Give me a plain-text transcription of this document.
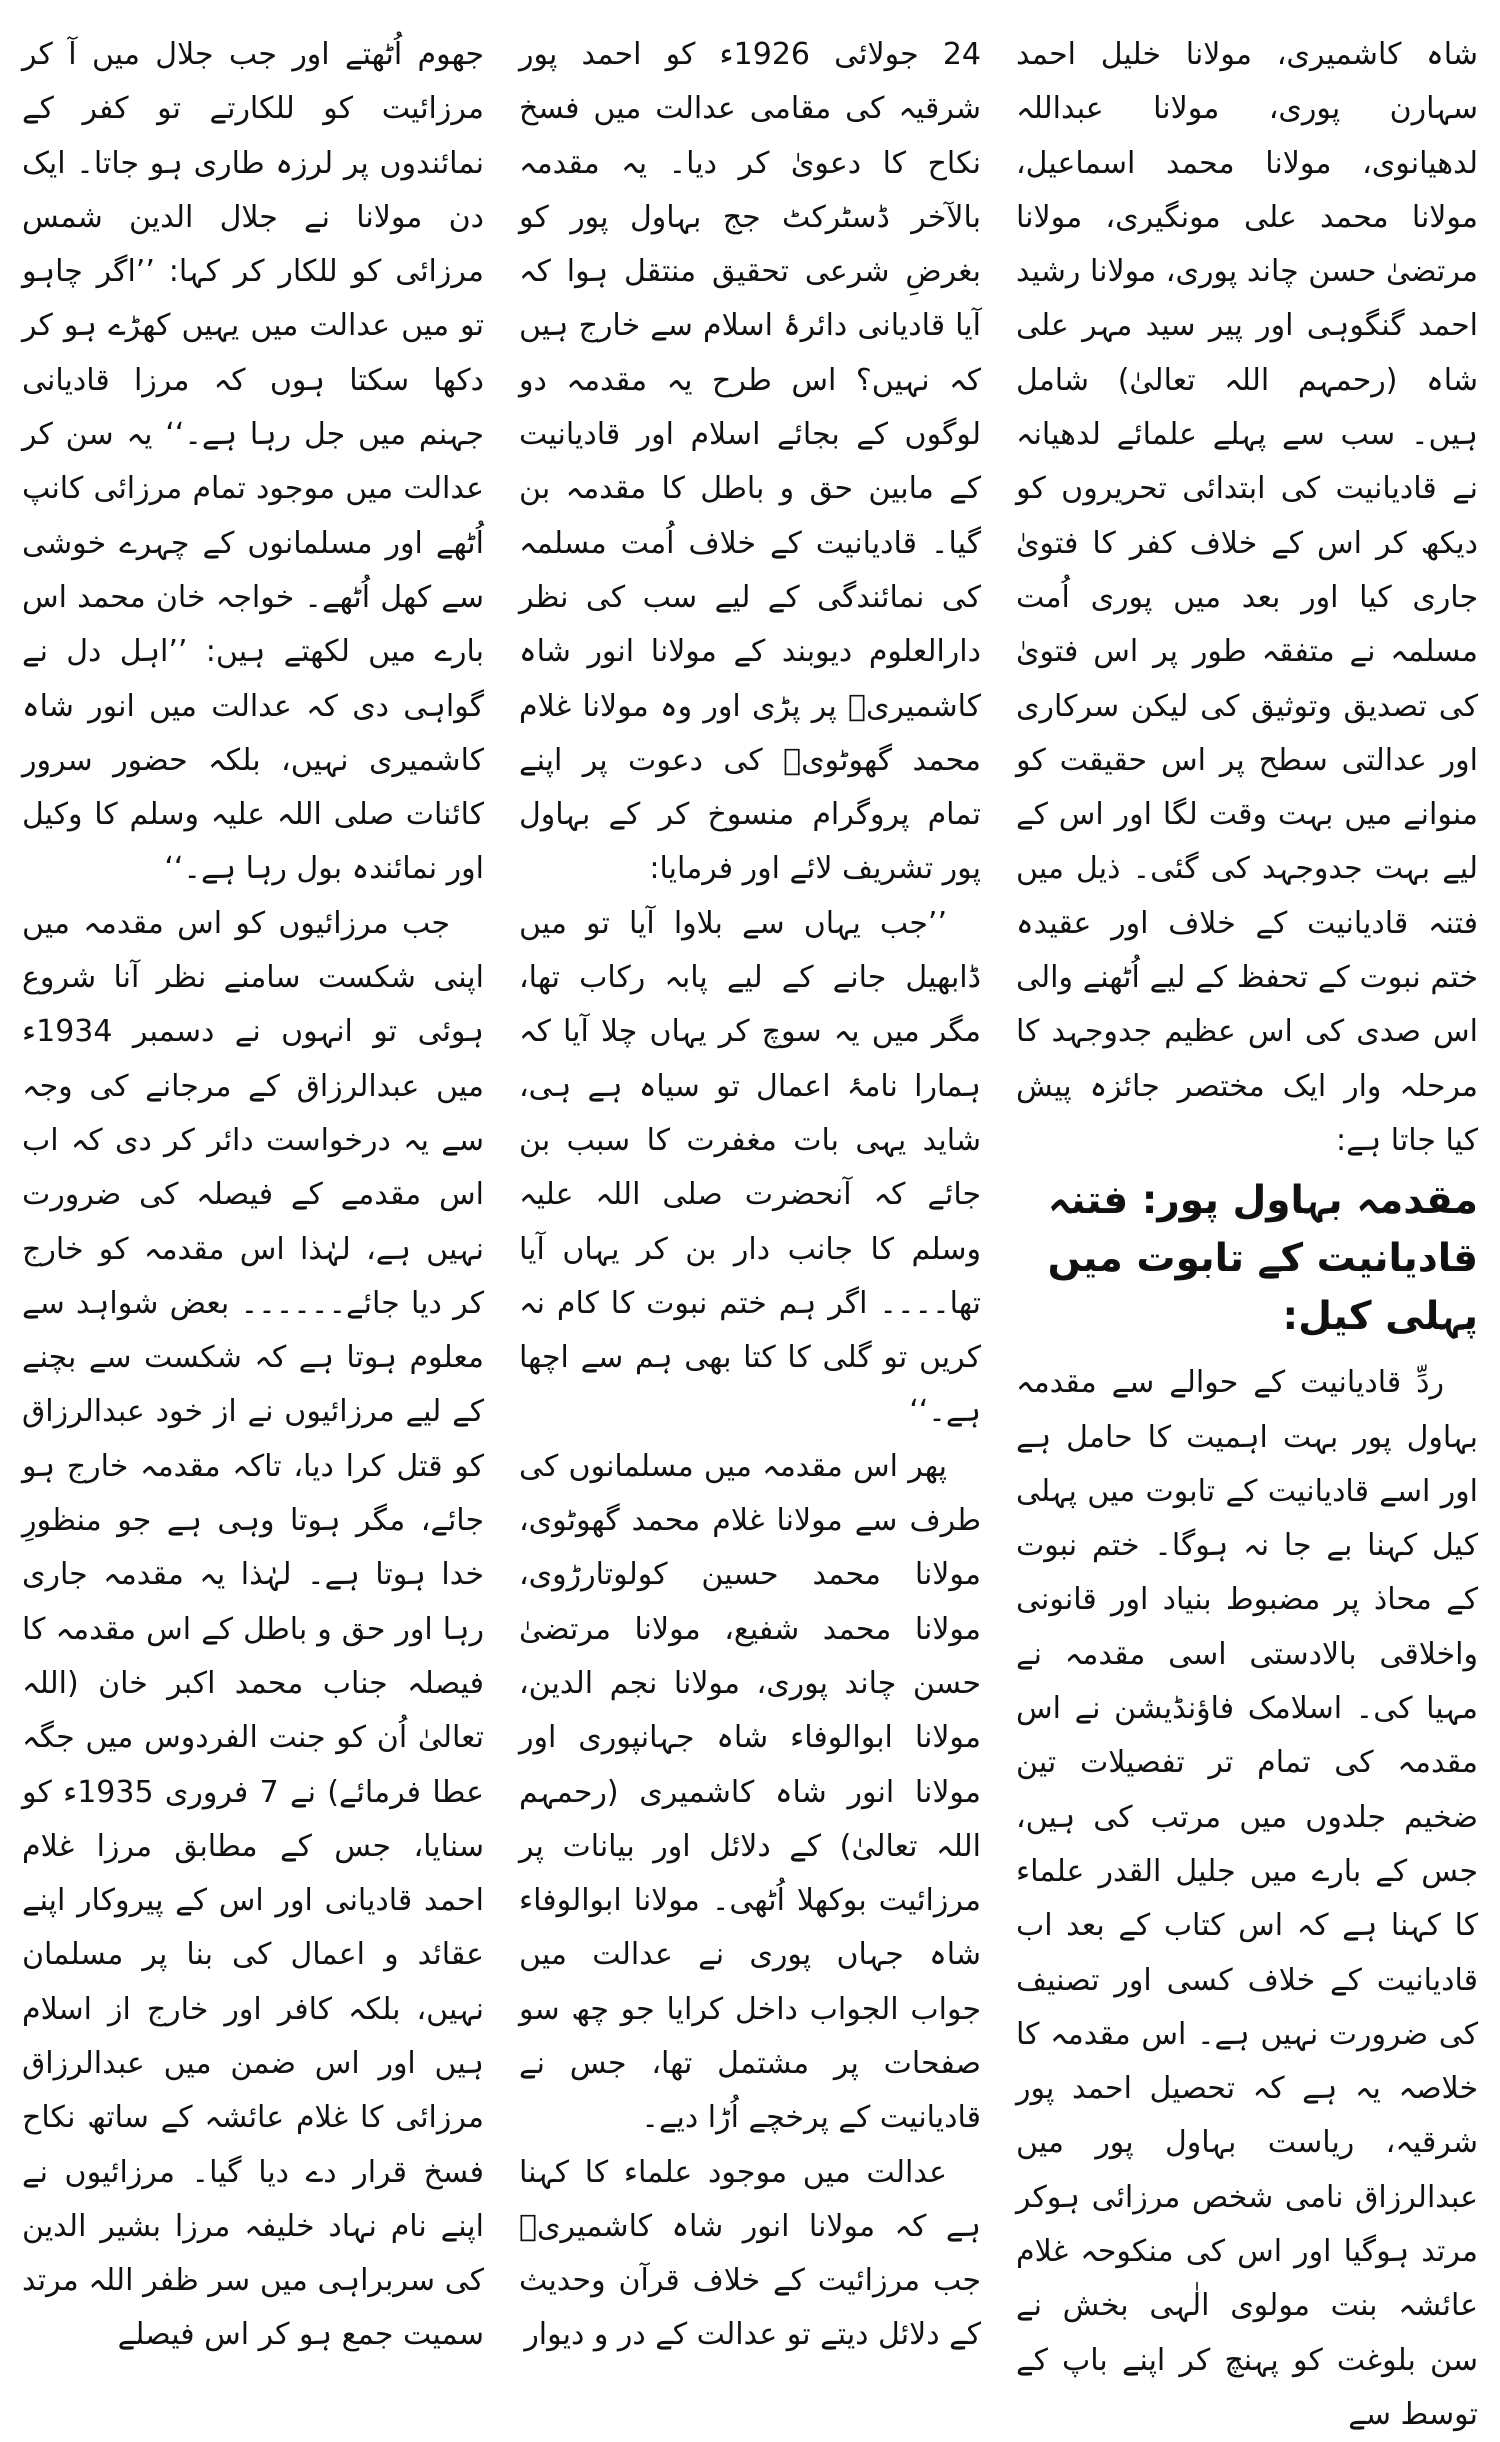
شاہ کاشمیری، مولانا خلیل احمد سہارن پوری، مولانا عبداللہ لدھیانوی، مولانا محمد اسماعیل، مولانا محمد علی مونگیری، مولانا مرتضیٰ حسن چاند پوری، مولانا رشید احمد گنگوہی اور پیر سید مہر علی شاہ (رحمہم اللہ تعالیٰ) شامل ہیں۔ سب سے پہلے علمائے لدھیانہ نے قادیانیت کی ابتدائی تحریروں کو دیکھ کر اس کے خلاف کفر کا فتویٰ جاری کیا اور بعد میں پوری اُمت مسلمہ نے متفقہ طور پر اس فتویٰ کی تصدیق وتوثیق کی لیکن سرکاری اور عدالتی سطح پر اس حقیقت کو منوانے میں بہت وقت لگا اور اس کے لیے بہت جدوجہد کی گئی۔ ذیل میں فتنہ قادیانیت کے خلاف اور عقیدہ ختم نبوت کے تحفظ کے لیے اُٹھنے والی اس صدی کی اس عظیم جدوجہد کا مرحلہ وار ایک مختصر جائزہ پیش کیا جاتا ہے:

مقدمہ بہاول پور: فتنہ قادیانیت کے تابوت میں پہلی کیل:

ردِّ قادیانیت کے حوالے سے مقدمہ بہاول پور بہت اہمیت کا حامل ہے اور اسے قادیانیت کے تابوت میں پہلی کیل کہنا بے جا نہ ہوگا۔ ختم نبوت کے محاذ پر مضبوط بنیاد اور قانونی واخلاقی بالادستی اسی مقدمہ نے مہیا کی۔ اسلامک فاؤنڈیشن نے اس مقدمہ کی تمام تر تفصیلات تین ضخیم جلدوں میں مرتب کی ہیں، جس کے بارے میں جلیل القدر علماء کا کہنا ہے کہ اس کتاب کے بعد اب قادیانیت کے خلاف کسی اور تصنیف کی ضرورت نہیں ہے۔ اس مقدمہ کا خلاصہ یہ ہے کہ تحصیل احمد پور شرقیہ، ریاست بہاول پور میں عبدالرزاق نامی شخص مرزائی ہوکر مرتد ہوگیا اور اس کی منکوحہ غلام عائشہ بنت مولوی الٰہی بخش نے سن بلوغت کو پہنچ کر اپنے باپ کے توسط سے

24 جولائی 1926ء کو احمد پور شرقیہ کی مقامی عدالت میں فسخ نکاح کا دعویٰ کر دیا۔ یہ مقدمہ بالآخر ڈسٹرکٹ جج بہاول پور کو بغرضِ شرعی تحقیق منتقل ہوا کہ آیا قادیانی دائرۂ اسلام سے خارج ہیں کہ نہیں؟ اس طرح یہ مقدمہ دو لوگوں کے بجائے اسلام اور قادیانیت کے مابین حق و باطل کا مقدمہ بن گیا۔ قادیانیت کے خلاف اُمت مسلمہ کی نمائندگی کے لیے سب کی نظر دارالعلوم دیوبند کے مولانا انور شاہ کاشمیریؒ پر پڑی اور وہ مولانا غلام محمد گھوٹویؒ کی دعوت پر اپنے تمام پروگرام منسوخ کر کے بہاول پور تشریف لائے اور فرمایا:

’’جب یہاں سے بلاوا آیا تو میں ڈابھیل جانے کے لیے پابہ رکاب تھا، مگر میں یہ سوچ کر یہاں چلا آیا کہ ہمارا نامۂ اعمال تو سیاہ ہے ہی، شاید یہی بات مغفرت کا سبب بن جائے کہ آنحضرت صلی اللہ علیہ وسلم کا جانب دار بن کر یہاں آیا تھا۔۔۔۔ اگر ہم ختم نبوت کا کام نہ کریں تو گلی کا کتا بھی ہم سے اچھا ہے۔‘‘

پھر اس مقدمہ میں مسلمانوں کی طرف سے مولانا غلام محمد گھوٹوی، مولانا محمد حسین کولوتارڑوی، مولانا محمد شفیع، مولانا مرتضیٰ حسن چاند پوری، مولانا نجم الدین، مولانا ابوالوفاء شاہ جہانپوری اور مولانا انور شاہ کاشمیری (رحمہم اللہ تعالیٰ) کے دلائل اور بیانات پر مرزائیت بوکھلا اُٹھی۔ مولانا ابوالوفاء شاہ جہاں پوری نے عدالت میں جواب الجواب داخل کرایا جو چھ سو صفحات پر مشتمل تھا، جس نے قادیانیت کے پرخچے اُڑا دیے۔

عدالت میں موجود علماء کا کہنا ہے کہ مولانا انور شاہ کاشمیریؒ جب مرزائیت کے خلاف قرآن وحدیث کے دلائل دیتے تو عدالت کے در و دیوار

جھوم اُٹھتے اور جب جلال میں آ کر مرزائیت کو للکارتے تو کفر کے نمائندوں پر لرزہ طاری ہو جاتا۔ ایک دن مولانا نے جلال الدین شمس مرزائی کو للکار کر کہا: ’’اگر چاہو تو میں عدالت میں یہیں کھڑے ہو کر دکھا سکتا ہوں کہ مرزا قادیانی جہنم میں جل رہا ہے۔‘‘ یہ سن کر عدالت میں موجود تمام مرزائی کانپ اُٹھے اور مسلمانوں کے چہرے خوشی سے کھل اُٹھے۔ خواجہ خان محمد اس بارے میں لکھتے ہیں: ’’اہل دل نے گواہی دی کہ عدالت میں انور شاہ کاشمیری نہیں، بلکہ حضور سرور کائنات صلی اللہ علیہ وسلم کا وکیل اور نمائندہ بول رہا ہے۔‘‘

جب مرزائیوں کو اس مقدمہ میں اپنی شکست سامنے نظر آنا شروع ہوئی تو انہوں نے دسمبر 1934ء میں عبدالرزاق کے مرجانے کی وجہ سے یہ درخواست دائر کر دی کہ اب اس مقدمے کے فیصلہ کی ضرورت نہیں ہے، لہٰذا اس مقدمہ کو خارج کر دیا جائے۔۔۔۔۔۔ بعض شواہد سے معلوم ہوتا ہے کہ شکست سے بچنے کے لیے مرزائیوں نے از خود عبدالرزاق کو قتل کرا دیا، تاکہ مقدمہ خارج ہو جائے، مگر ہوتا وہی ہے جو منظورِ خدا ہوتا ہے۔ لہٰذا یہ مقدمہ جاری رہا اور حق و باطل کے اس مقدمہ کا فیصلہ جناب محمد اکبر خان (اللہ تعالیٰ اُن کو جنت الفردوس میں جگہ عطا فرمائے) نے 7 فروری 1935ء کو سنایا، جس کے مطابق مرزا غلام احمد قادیانی اور اس کے پیروکار اپنے عقائد و اعمال کی بنا پر مسلمان نہیں، بلکہ کافر اور خارج از اسلام ہیں اور اس ضمن میں عبدالرزاق مرزائی کا غلام عائشہ کے ساتھ نکاح فسخ قرار دے دیا گیا۔ مرزائیوں نے اپنے نام نہاد خلیفہ مرزا بشیر الدین کی سربراہی میں سر ظفر اللہ مرتد سمیت جمع ہو کر اس فیصلے
